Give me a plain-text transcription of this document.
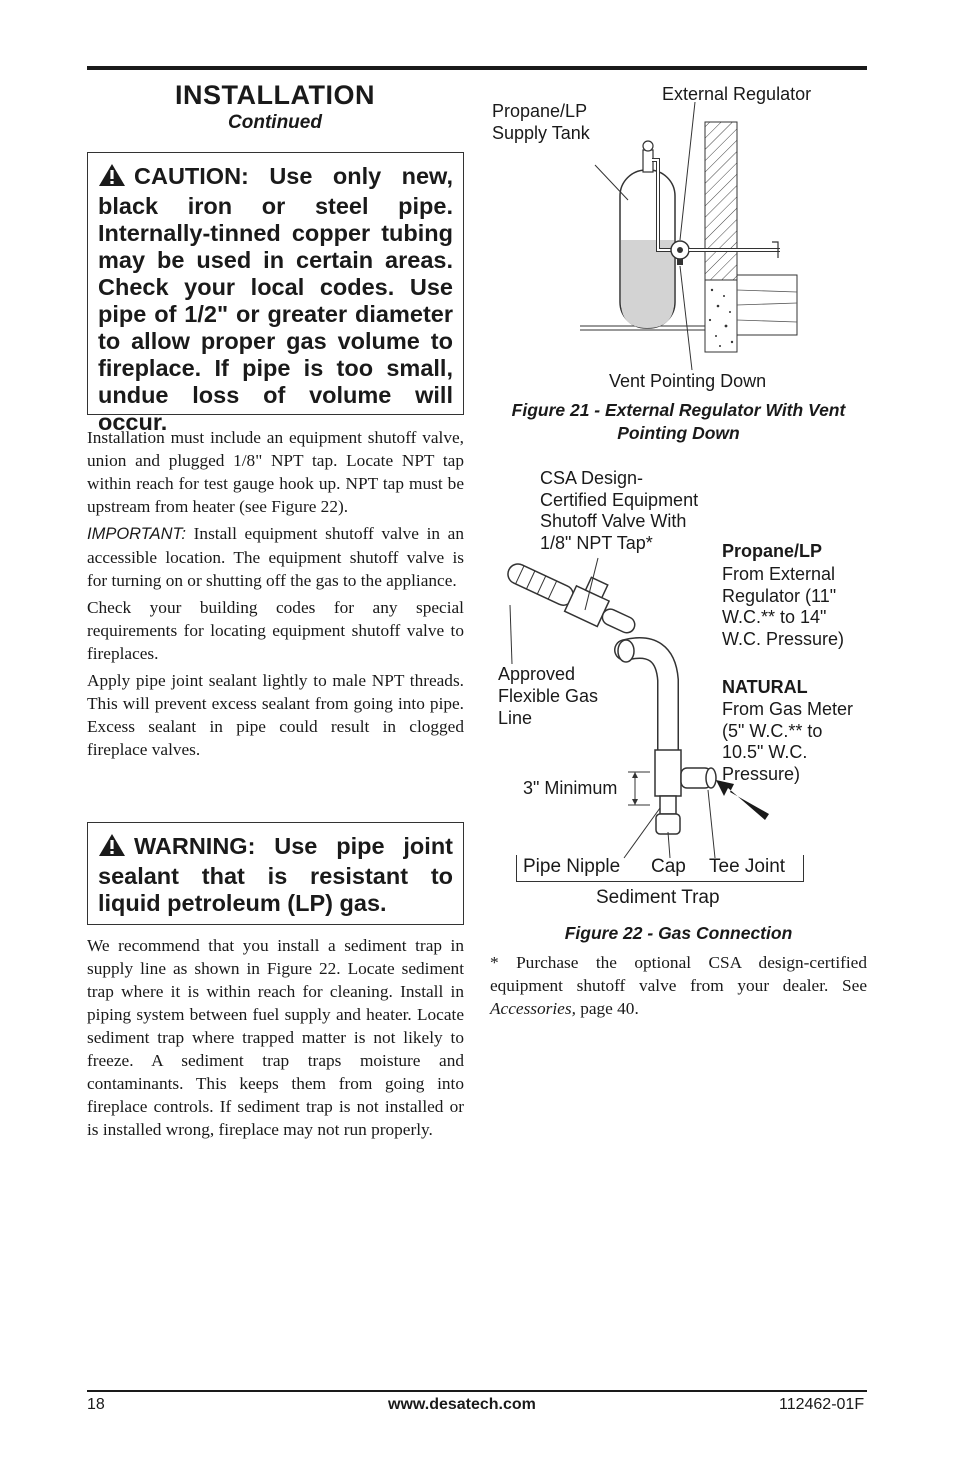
INSTALLATION
Continued
CAUTION: Use only new, black iron or steel pipe. Internally-tinned copper tubing may be used in certain areas. Check your local codes. Use pipe of 1/2" or greater diameter to allow proper gas volume to fireplace. If pipe is too small, undue loss of volume will occur.

Installation must include an equipment shutoff valve, union and plugged 1/8" NPT tap. Locate NPT tap within reach for test gauge hook up. NPT tap must be upstream from heater (see Figure 22).

IMPORTANT: Install equipment shutoff valve in an accessible location. The equipment shutoff valve is for turning on or shutting off the gas to the appliance.

Check your building codes for any special requirements for locating equipment shutoff valve to fireplaces.

Apply pipe joint sealant lightly to male NPT threads. This will prevent excess sealant from going into pipe. Excess sealant in pipe could result in clogged fireplace valves.

WARNING: Use pipe joint sealant that is resistant to liquid petroleum (LP) gas.

We recommend that you install a sediment trap in supply line as shown in Figure 22. Locate sediment trap where it is within reach for cleaning. Install in piping system between fuel supply and heater. Locate sediment trap where trapped matter is not likely to freeze. A sediment trap traps moisture and contaminants. This keeps them from going into fireplace controls. If sediment trap is not installed or is installed wrong, fireplace may not run properly.

Propane/LP
Supply Tank
External Regulator
Vent Pointing Down
Figure 21 - External Regulator With Vent
Pointing Down
CSA Design-
Certified Equipment
Shutoff Valve With
1/8" NPT Tap*	Propane/LP
From External
Regulator (11"
W.C.** to 14"
W.C. Pressure)
Approved
Flexible Gas
Line
NATURAL
From Gas Meter
(5" W.C.** to
10.5" W.C.
Pressure)
3" Minimum
Pipe Nipple Cap Tee Joint
Sediment Trap
Figure 22 - Gas Connection
* Purchase the optional CSA design-certified equipment shutoff valve from your dealer. See Accessories, page 40.
18	www.desatech.com	112462-01F
